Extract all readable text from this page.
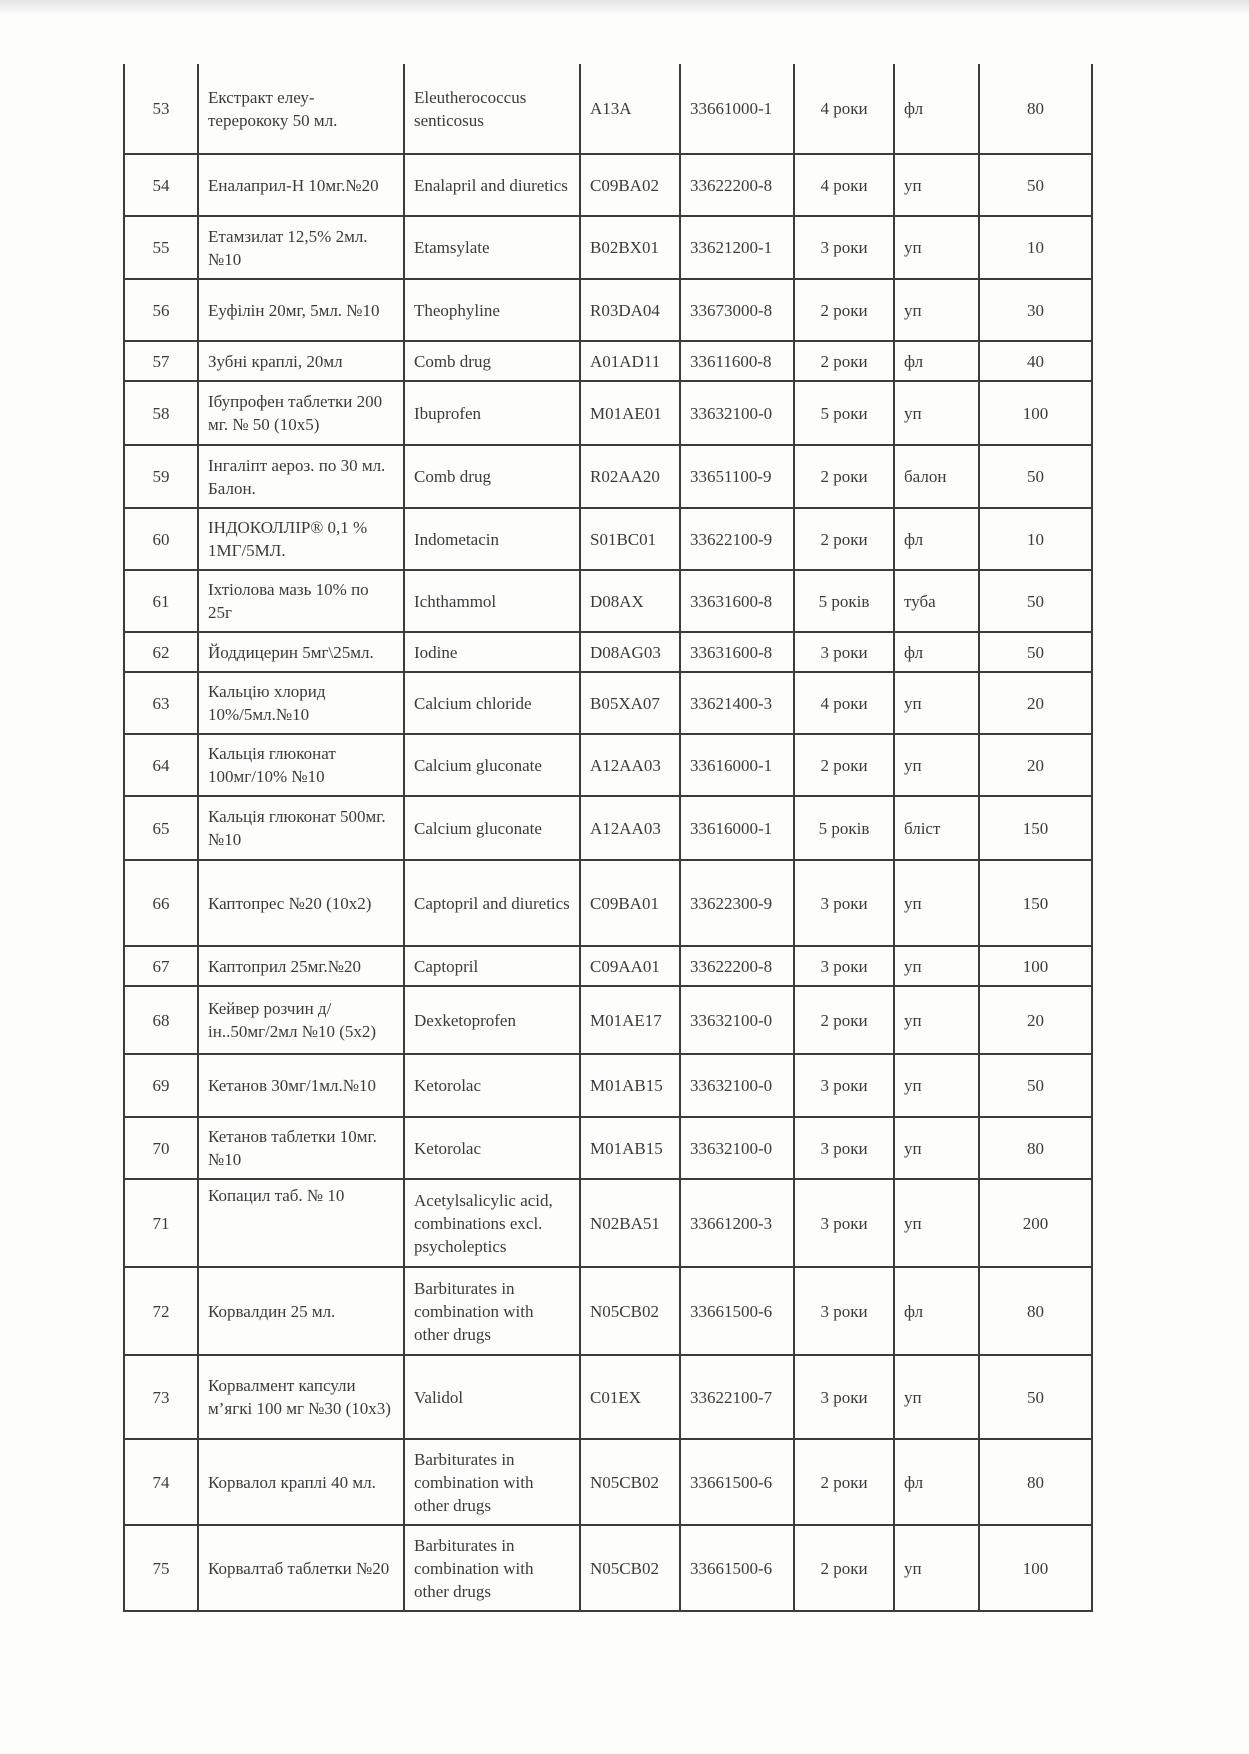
53	Екстракт елеу-терерококу 50 мл.	Eleutherococcus senticosus	A13A	33661000-1	4 роки	фл	80
54	Еналаприл-Н 10мг.№20	Enalapril and diuretics	C09BA02	33622200-8	4 роки	уп	50
55	Етамзилат 12,5% 2мл. №10	Etamsylate	B02BX01	33621200-1	3 роки	уп	10
56	Еуфілін 20мг, 5мл. №10	Theophyline	R03DA04	33673000-8	2 роки	уп	30
57	Зубні краплі, 20мл	Comb drug	A01AD11	33611600-8	2 роки	фл	40
58	Ібупрофен таблетки 200 мг. № 50 (10x5)	Ibuprofen	M01AE01	33632100-0	5 роки	уп	100
59	Інгаліпт аероз. по 30 мл. Балон.	Comb drug	R02AA20	33651100-9	2 роки	балон	50
60	ІНДОКОЛЛІР® 0,1 % 1МГ/5МЛ.	Indometacin	S01BC01	33622100-9	2 роки	фл	10
61	Іхтіолова мазь 10% по 25г	Ichthammol	D08AX	33631600-8	5 років	туба	50
62	Йоддицерин 5мг\25мл.	Iodine	D08AG03	33631600-8	3 роки	фл	50
63	Кальцію хлорид 10%/5мл.№10	Calcium chloride	B05XA07	33621400-3	4 роки	уп	20
64	Кальція глюконат 100мг/10% №10	Calcium gluconate	A12AA03	33616000-1	2 роки	уп	20
65	Кальція глюконат 500мг. №10	Calcium gluconate	A12AA03	33616000-1	5 років	бліст	150
66	Каптопрес №20 (10x2)	Captopril and diuretics	C09BA01	33622300-9	3 роки	уп	150
67	Каптоприл 25мг.№20	Captopril	C09AA01	33622200-8	3 роки	уп	100
68	Кейвер розчин д/ін..50мг/2мл №10 (5x2)	Dexketoprofen	M01AE17	33632100-0	2 роки	уп	20
69	Кетанов 30мг/1мл.№10	Ketorolac	M01AB15	33632100-0	3 роки	уп	50
70	Кетанов таблетки 10мг. №10	Ketorolac	M01AB15	33632100-0	3 роки	уп	80
71	Копацил таб. № 10	Acetylsalicylic acid, combinations excl. psycholeptics	N02BA51	33661200-3	3 роки	уп	200
72	Корвалдин 25 мл.	Barbiturates in combination with other drugs	N05CB02	33661500-6	3 роки	фл	80
73	Корвалмент капсули м’ягкі 100 мг №30 (10x3)	Validol	C01EX	33622100-7	3 роки	уп	50
74	Корвалол краплі 40 мл.	Barbiturates in combination with other drugs	N05CB02	33661500-6	2 роки	фл	80
75	Корвалтаб таблетки №20	Barbiturates in combination with other drugs	N05CB02	33661500-6	2 роки	уп	100
